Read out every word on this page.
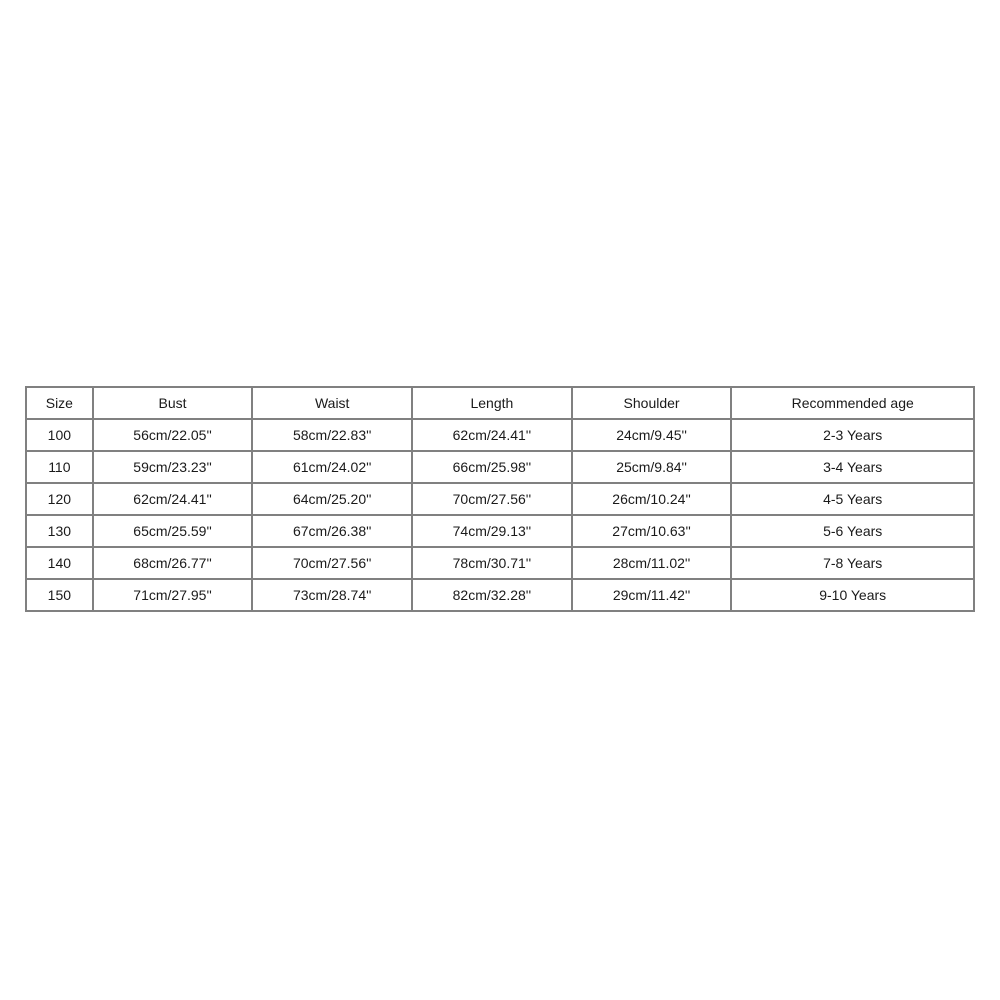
Size	Bust	Waist	Length	Shoulder	Recommended age
100	56cm/22.05''	58cm/22.83''	62cm/24.41''	24cm/9.45''	2-3 Years
110	59cm/23.23''	61cm/24.02''	66cm/25.98''	25cm/9.84''	3-4 Years
120	62cm/24.41''	64cm/25.20''	70cm/27.56''	26cm/10.24''	4-5 Years
130	65cm/25.59''	67cm/26.38''	74cm/29.13''	27cm/10.63''	5-6 Years
140	68cm/26.77''	70cm/27.56''	78cm/30.71''	28cm/11.02''	7-8 Years
150	71cm/27.95''	73cm/28.74''	82cm/32.28''	29cm/11.42''	9-10 Years
